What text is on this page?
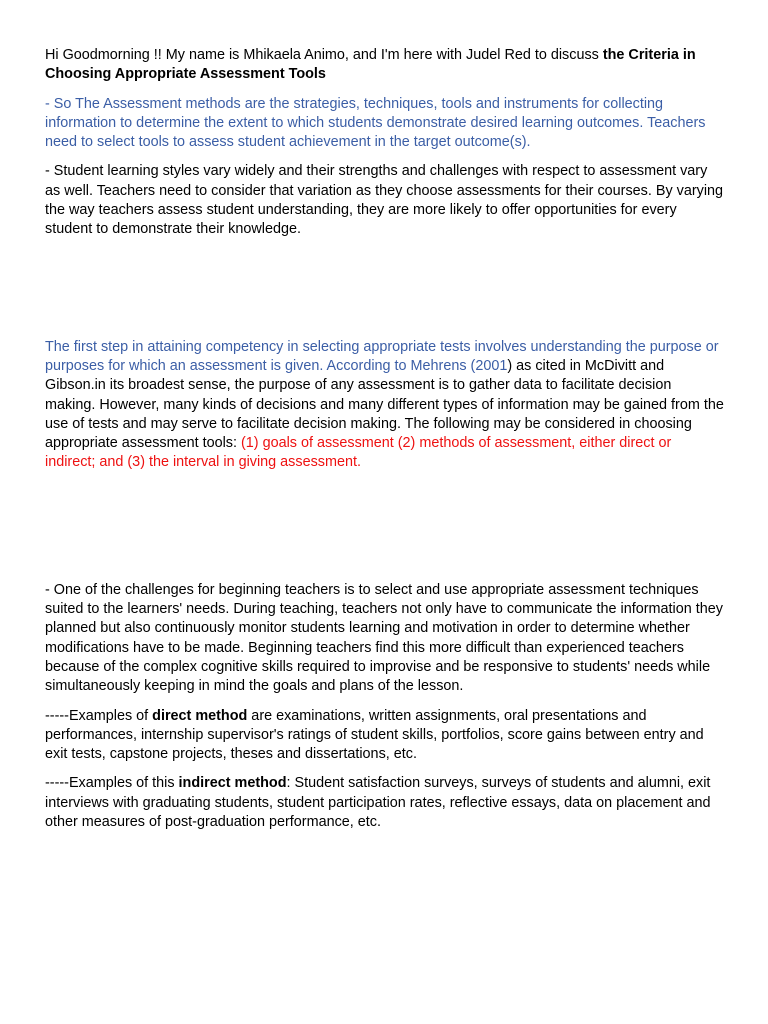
Hi Goodmorning !! My name is Mhikaela Animo, and I'm here with Judel Red to discuss the Criteria in Choosing Appropriate Assessment Tools

- So The Assessment methods are the strategies, techniques, tools and instruments for collecting information to determine the extent to which students demonstrate desired learning outcomes. Teachers need to select tools to assess student achievement in the target outcome(s).

- Student learning styles vary widely and their strengths and challenges with respect to assessment vary as well. Teachers need to consider that variation as they choose assessments for their courses. By varying the way teachers assess student understanding, they are more likely to offer opportunities for every student to demonstrate their knowledge.

The first step in attaining competency in selecting appropriate tests involves understanding the purpose or purposes for which an assessment is given. According to Mehrens (2001) as cited in McDivitt and Gibson.in its broadest sense, the purpose of any assessment is to gather data to facilitate decision making. However, many kinds of decisions and many different types of information may be gained from the use of tests and may serve to facilitate decision making. The following may be considered in choosing appropriate assessment tools: (1) goals of assessment (2) methods of assessment, either direct or indirect; and (3) the interval in giving assessment.

- One of the challenges for beginning teachers is to select and use appropriate assessment techniques suited to the learners' needs. During teaching, teachers not only have to communicate the information they planned but also continuously monitor students learning and motivation in order to determine whether modifications have to be made. Beginning teachers find this more difficult than experienced teachers because of the complex cognitive skills required to improvise and be responsive to students' needs while simultaneously keeping in mind the goals and plans of the lesson.

-----Examples of direct method are examinations, written assignments, oral presentations and performances, internship supervisor's ratings of student skills, portfolios, score gains between entry and exit tests, capstone projects, theses and dissertations, etc.

-----Examples of this indirect method: Student satisfaction surveys, surveys of students and alumni, exit interviews with graduating students, student participation rates, reflective essays, data on placement and other measures of post-graduation performance, etc.
